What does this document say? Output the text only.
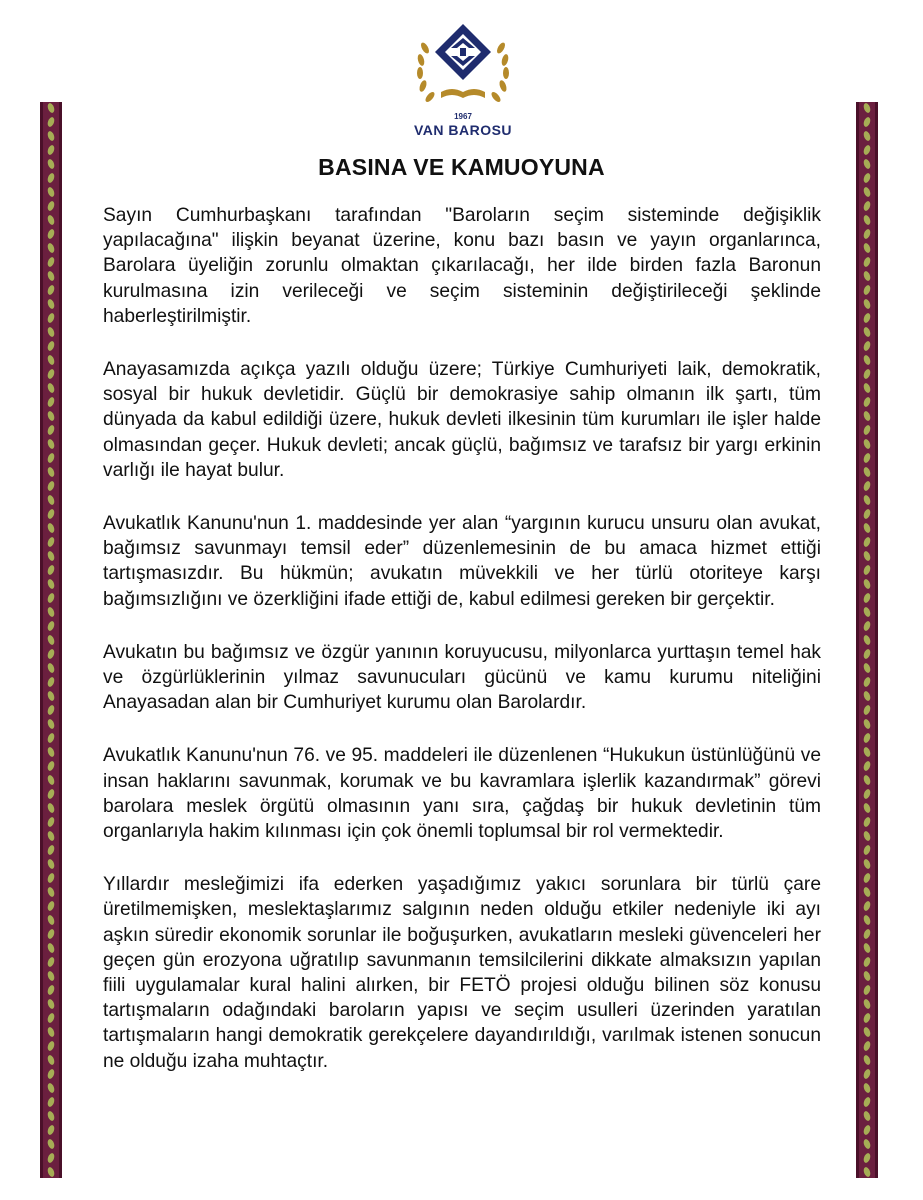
1967
VAN BAROSU
BASINA VE KAMUOYUNA

Sayın Cumhurbaşkanı tarafından "Baroların seçim sisteminde değişiklik yapılacağına" ilişkin beyanat üzerine, konu bazı basın ve yayın organlarınca, Barolara üyeliğin zorunlu olmaktan çıkarılacağı, her ilde birden fazla Baronun kurulmasına izin verileceği ve seçim sisteminin değiştirileceği şeklinde haberleştirilmiştir.

Anayasamızda açıkça yazılı olduğu üzere; Türkiye Cumhuriyeti laik, demokratik, sosyal bir hukuk devletidir. Güçlü bir demokrasiye sahip olmanın ilk şartı, tüm dünyada da kabul edildiği üzere, hukuk devleti ilkesinin tüm kurumları ile işler halde olmasından geçer. Hukuk devleti; ancak güçlü, bağımsız ve tarafsız bir yargı erkinin varlığı ile hayat bulur.

Avukatlık Kanunu'nun 1. maddesinde yer alan “yargının kurucu unsuru olan avukat, bağımsız savunmayı temsil eder” düzenlemesinin de bu amaca hizmet ettiği tartışmasızdır. Bu hükmün; avukatın müvekkili ve her türlü otoriteye karşı bağımsızlığını ve özerkliğini ifade ettiği de, kabul edilmesi gereken bir gerçektir.

Avukatın bu bağımsız ve özgür yanının koruyucusu, milyonlarca yurttaşın temel hak ve özgürlüklerinin yılmaz savunucuları gücünü ve kamu kurumu niteliğini Anayasadan alan bir Cumhuriyet kurumu olan Barolardır.

Avukatlık Kanunu'nun 76. ve 95. maddeleri ile düzenlenen “Hukukun üstünlüğünü ve insan haklarını savunmak, korumak ve bu kavramlara işlerlik kazandırmak” görevi barolara meslek örgütü olmasının yanı sıra, çağdaş bir hukuk devletinin tüm organlarıyla hakim kılınması için çok önemli toplumsal bir rol vermektedir.

Yıllardır mesleğimizi ifa ederken yaşadığımız yakıcı sorunlara bir türlü çare üretilmemişken, meslektaşlarımız salgının neden olduğu etkiler nedeniyle iki ayı aşkın süredir ekonomik sorunlar ile boğuşurken, avukatların mesleki güvenceleri her geçen gün erozyona uğratılıp savunmanın temsilcilerini dikkate almaksızın yapılan fiili uygulamalar kural halini alırken, bir FETÖ projesi olduğu bilinen söz konusu tartışmaların odağındaki baroların yapısı ve seçim usulleri üzerinden yaratılan tartışmaların hangi demokratik gerekçelere dayandırıldığı, varılmak istenen sonucun ne olduğu izaha muhtaçtır.
